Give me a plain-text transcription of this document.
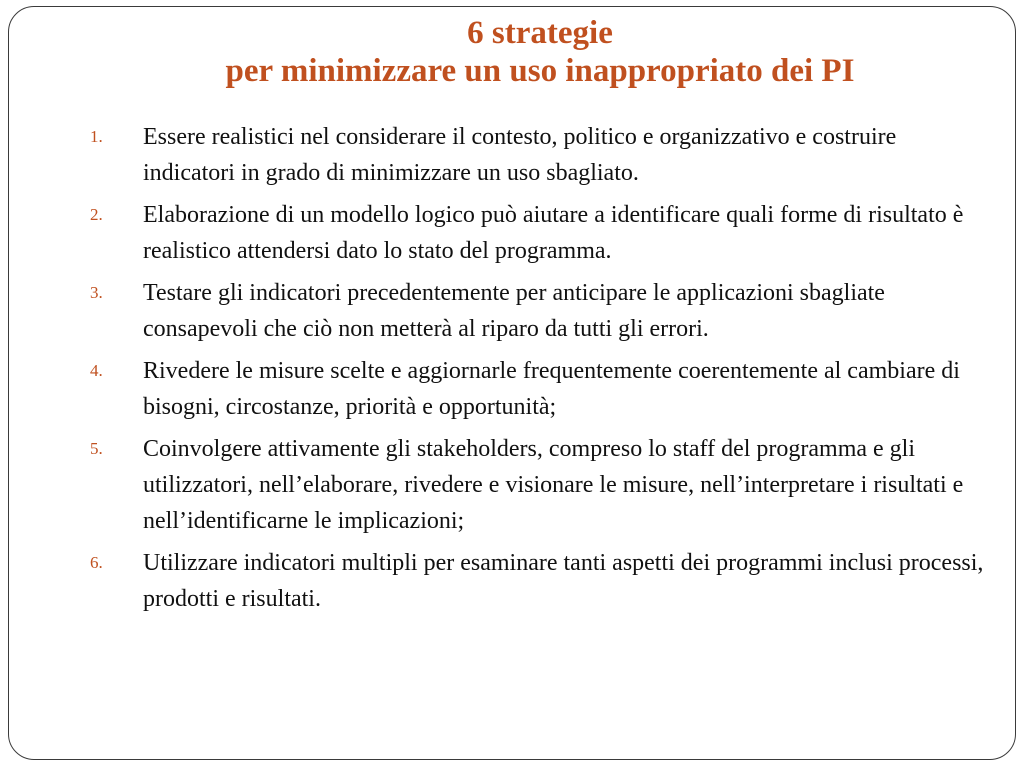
6 strategie
per minimizzare un uso inappropriato dei PI
1. Essere realistici nel considerare il contesto, politico e organizzativo e costruire indicatori in grado di minimizzare un uso sbagliato.
2. Elaborazione di un modello logico può aiutare a identificare quali forme di risultato è realistico attendersi dato lo stato del programma.
3. Testare gli indicatori precedentemente per anticipare le applicazioni sbagliate consapevoli che ciò non metterà al riparo da tutti gli errori.
4. Rivedere le misure scelte e aggiornarle frequentemente coerentemente al cambiare di bisogni, circostanze, priorità e opportunità;
5. Coinvolgere attivamente gli stakeholders, compreso lo staff del programma e gli utilizzatori, nell’elaborare, rivedere e visionare le misure, nell’interpretare i risultati e nell’identificarne le implicazioni;
6. Utilizzare indicatori multipli per esaminare tanti aspetti dei programmi inclusi processi, prodotti e risultati.
